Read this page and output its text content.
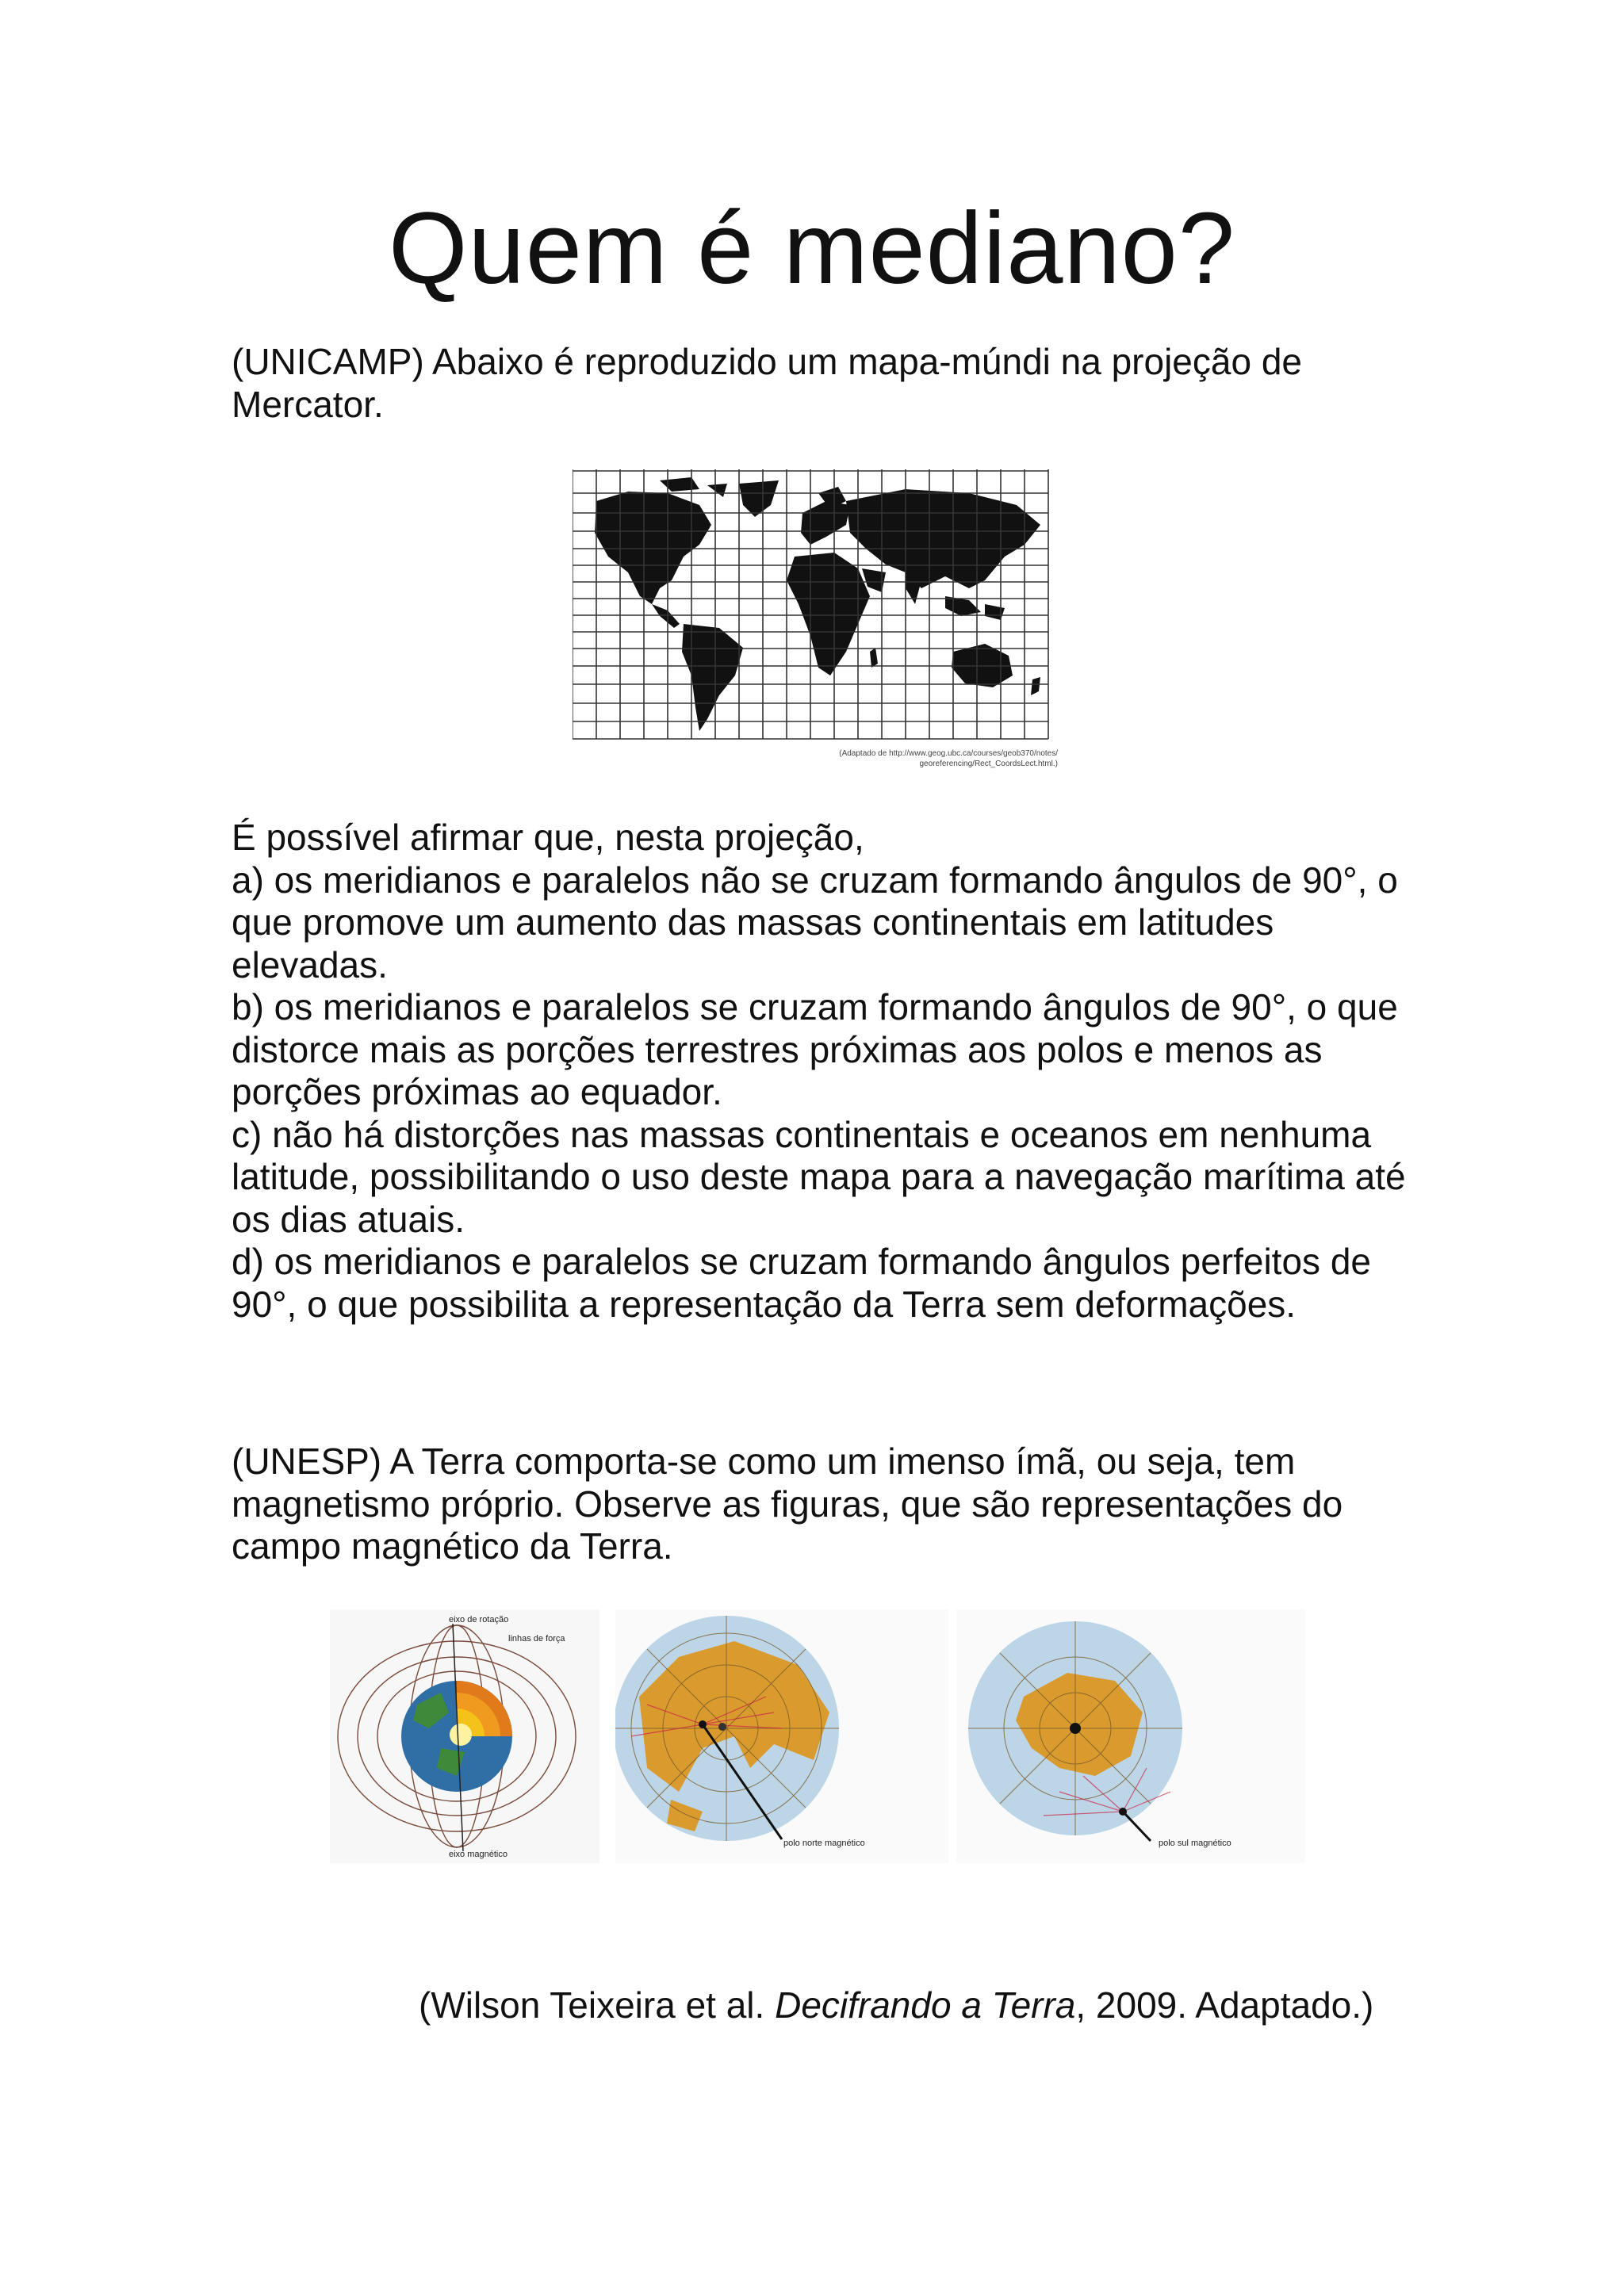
Quem é mediano?

(UNICAMP) Abaixo é reproduzido um mapa-múndi na projeção de Mercator.

(Adaptado de http://www.geog.ubc.ca/courses/geob370/notes/
georeferencing/Rect_CoordsLect.html.)
É possível afirmar que, nesta projeção,
a) os meridianos e paralelos não se cruzam formando ângulos de 90°, o que promove um aumento das massas continentais em latitudes elevadas.
b) os meridianos e paralelos se cruzam formando ângulos de 90°, o que distorce mais as porções terrestres próximas aos polos e menos as porções próximas ao equador.
c) não há distorções nas massas continentais e oceanos em nenhuma latitude, possibilitando o uso deste mapa para a navegação marítima até os dias atuais.
d) os meridianos e paralelos se cruzam formando ângulos perfeitos de 90°, o que possibilita a representação da Terra sem deformações.

(UNESP) A Terra comporta-se como um imenso ímã, ou seja, tem magnetismo próprio. Observe as figuras, que são representações do campo magnético da Terra.

eixo de rotação
linhas de força
eixo magnético
polo norte magnético	polo sul magnético

(Wilson Teixeira et al. Decifrando a Terra, 2009. Adaptado.)
